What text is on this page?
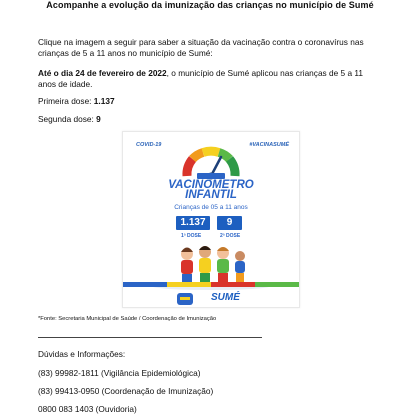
Acompanhe a evolução da imunização das crianças no município de Sumé
Clique na imagem a seguir para saber a situação da vacinação contra o coronavírus nas crianças de 5 a 11 anos no município de Sumé:
Até o dia 24 de fevereiro de 2022, o município de Sumé aplicou nas crianças de 5 a 11 anos de idade.
Primeira dose: 1.137
Segunda dose: 9
COVID-19	#VACINASUMÉ
VACINÔMETRO
INFANTIL
Crianças de 05 a 11 anos
1.137	9
1ª DOSE	2ª DOSE
SUMÉ
*Fonte: Secretaria Municipal de Saúde / Coordenação de Imunização
Dúvidas e Informações:
(83) 99982-1811 (Vigilância Epidemiológica)
(83) 99413-0950 (Coordenação de Imunização)
0800 083 1403 (Ouvidoria)
